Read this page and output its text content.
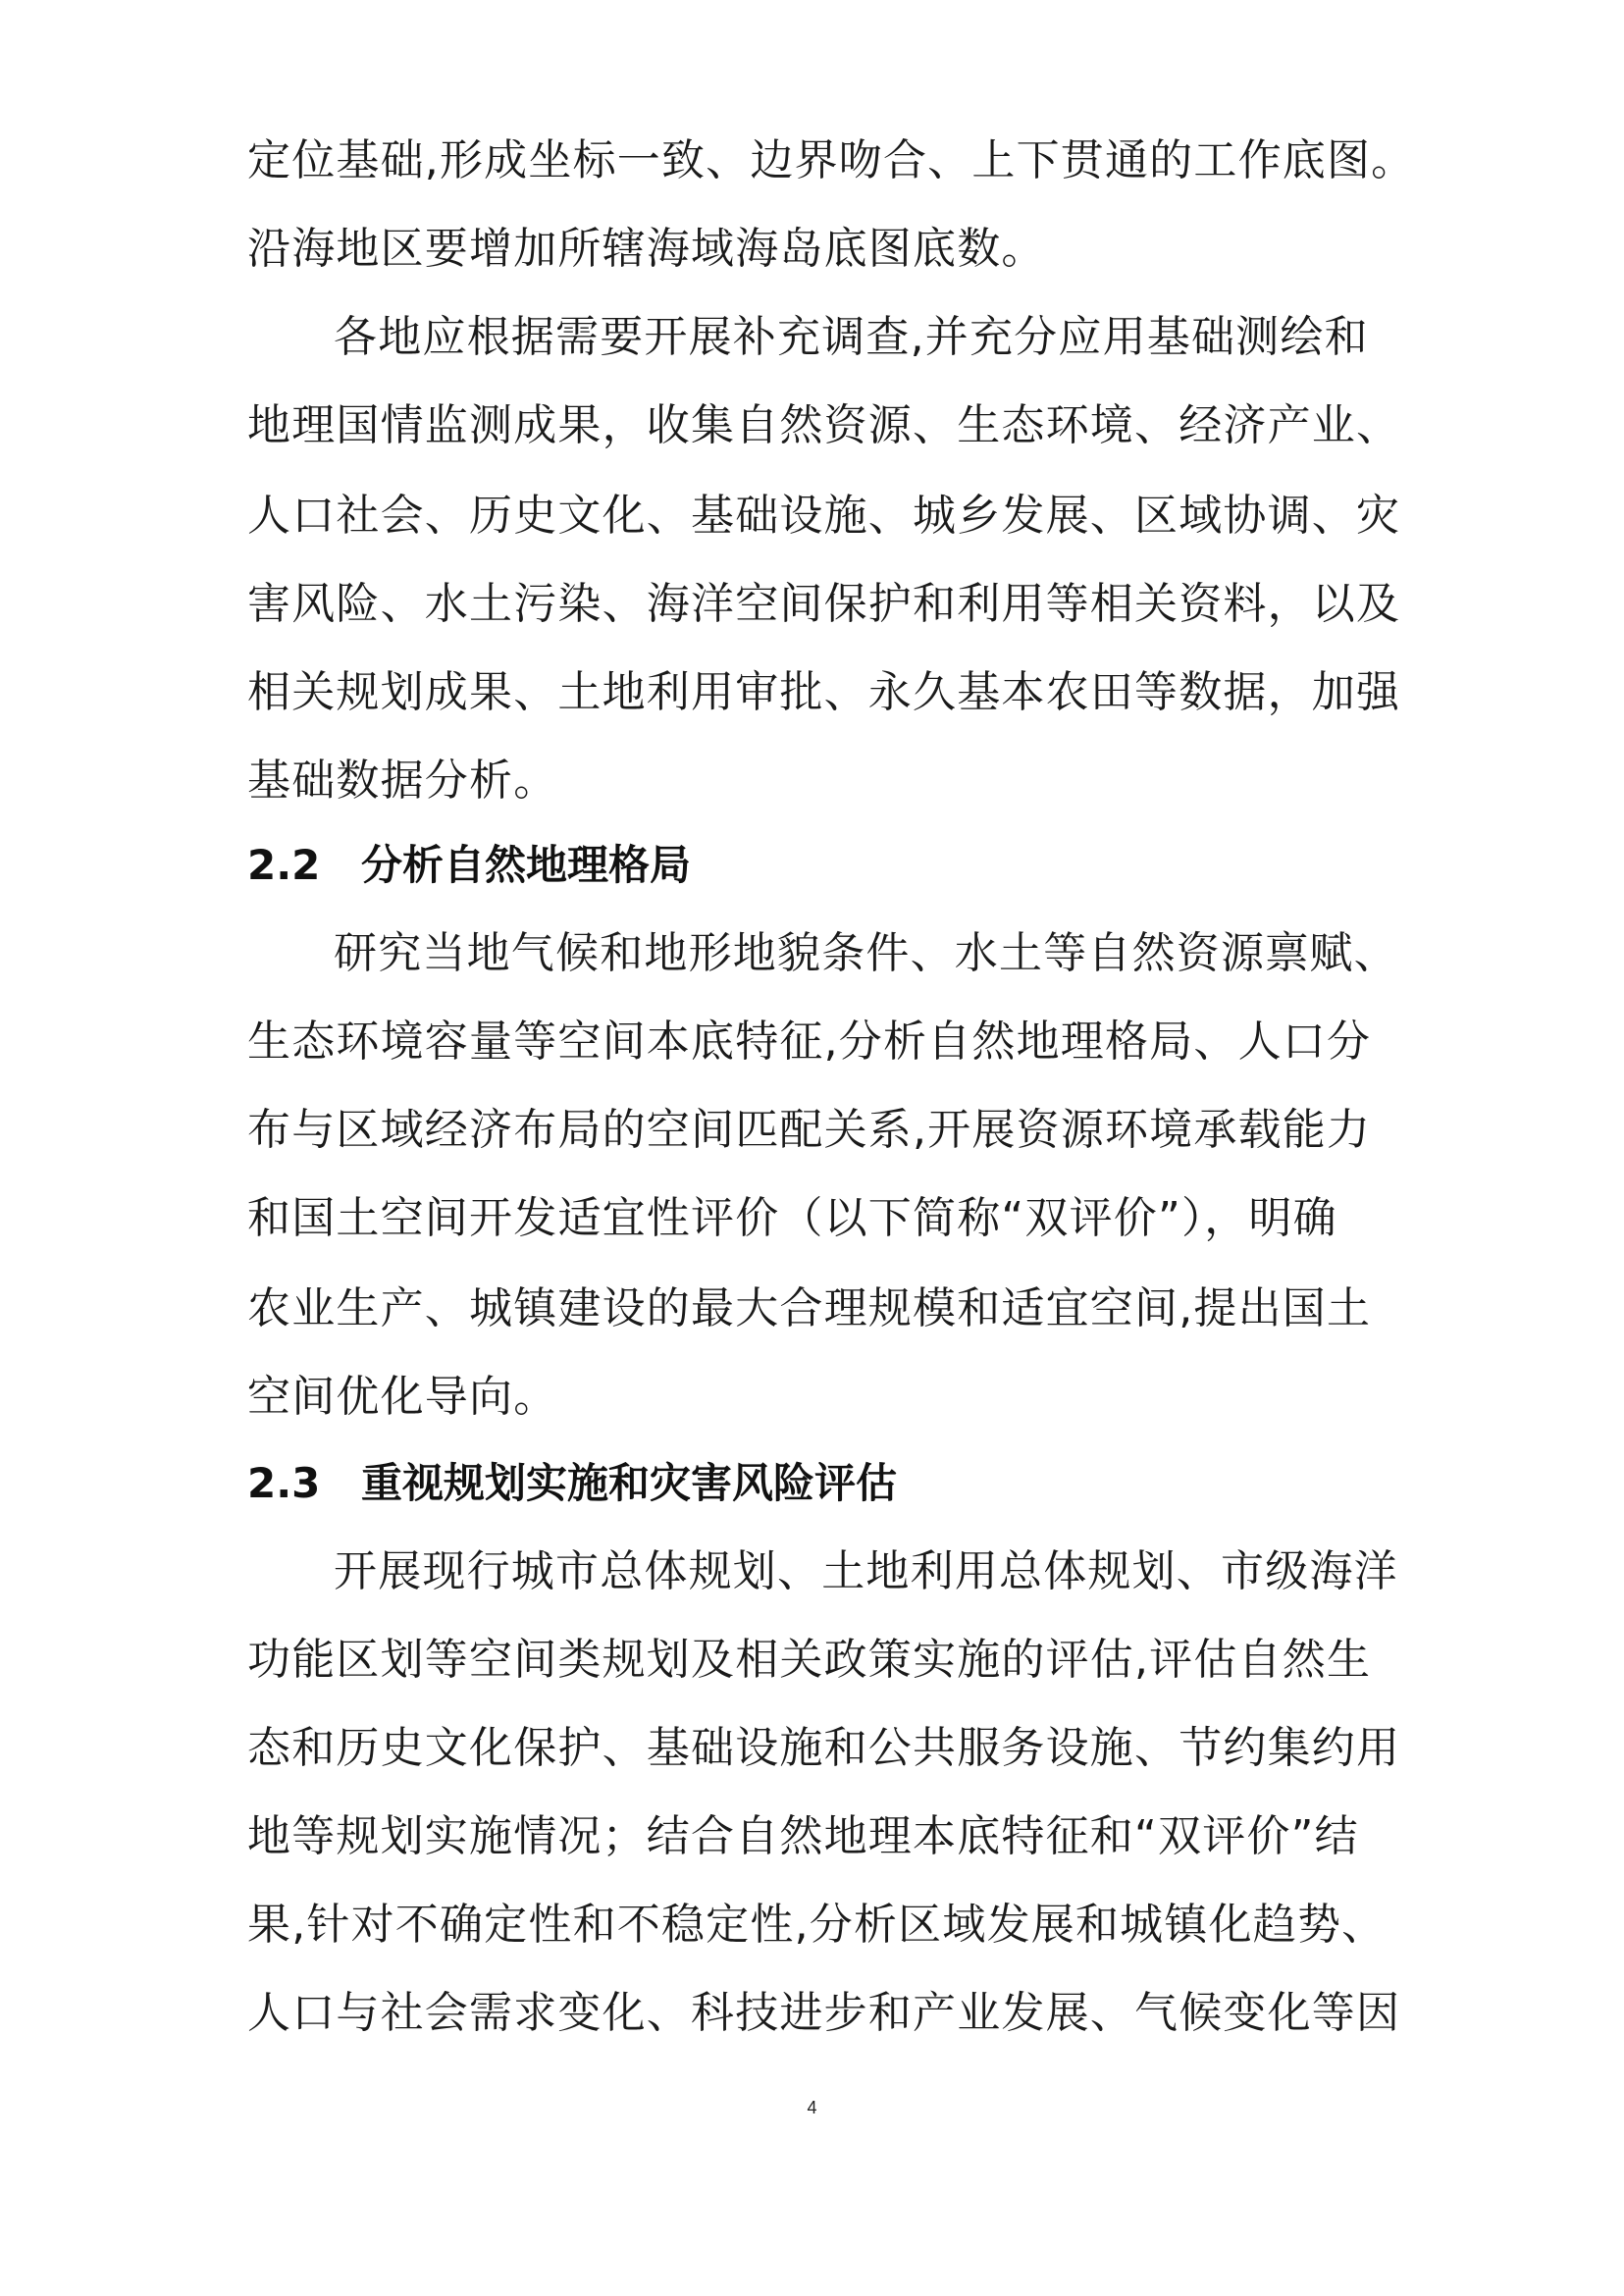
定位基础,形成坐标一致、边界吻合、上下贯通的工作底图。
沿海地区要增加所辖海域海岛底图底数。
各地应根据需要开展补充调查,并充分应用基础测绘和
地理国情监测成果，收集自然资源、生态环境、经济产业、
人口社会、历史文化、基础设施、城乡发展、区域协调、灾
害风险、水土污染、海洋空间保护和利用等相关资料，以及
相关规划成果、土地利用审批、永久基本农田等数据，加强
基础数据分析。
2.2 分析自然地理格局
研究当地气候和地形地貌条件、水土等自然资源禀赋、
生态环境容量等空间本底特征,分析自然地理格局、人口分
布与区域经济布局的空间匹配关系,开展资源环境承载能力
和国土空间开发适宜性评价（以下简称“双评价”），明确
农业生产、城镇建设的最大合理规模和适宜空间,提出国土
空间优化导向。
2.3 重视规划实施和灾害风险评估
开展现行城市总体规划、土地利用总体规划、市级海洋
功能区划等空间类规划及相关政策实施的评估,评估自然生
态和历史文化保护、基础设施和公共服务设施、节约集约用
地等规划实施情况；结合自然地理本底特征和“双评价”结
果,针对不确定性和不稳定性,分析区域发展和城镇化趋势、
人口与社会需求变化、科技进步和产业发展、气候变化等因
4
